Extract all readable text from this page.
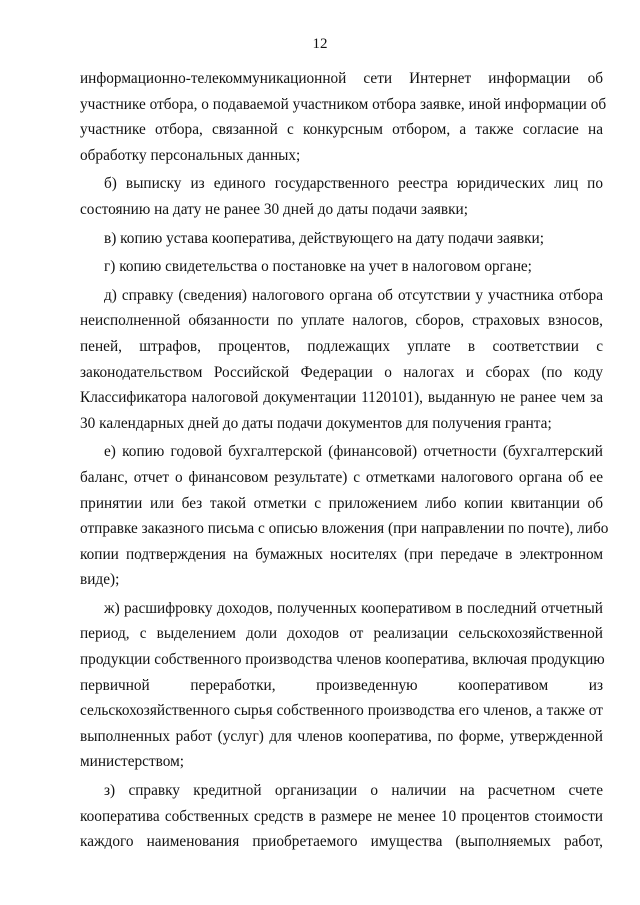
12
информационно-телекоммуникационной сети Интернет информации об
участнике отбора, о подаваемой участником отбора заявке, иной информации об
участнике отбора, связанной с конкурсным отбором, а также согласие на
обработку персональных данных;
б) выписку из единого государственного реестра юридических лиц по
состоянию на дату не ранее 30 дней до даты подачи заявки;
в) копию устава кооператива, действующего на дату подачи заявки;
г) копию свидетельства о постановке на учет в налоговом органе;
д) справку (сведения) налогового органа об отсутствии у участника отбора
неисполненной обязанности по уплате налогов, сборов, страховых взносов,
пеней, штрафов, процентов, подлежащих уплате в соответствии с
законодательством Российской Федерации о налогах и сборах (по коду
Классификатора налоговой документации 1120101), выданную не ранее чем за
30 календарных дней до даты подачи документов для получения гранта;
е) копию годовой бухгалтерской (финансовой) отчетности (бухгалтерский
баланс, отчет о финансовом результате) с отметками налогового органа об ее
принятии или без такой отметки с приложением либо копии квитанции об
отправке заказного письма с описью вложения (при направлении по почте), либо
копии подтверждения на бумажных носителях (при передаче в электронном
виде);
ж) расшифровку доходов, полученных кооперативом в последний отчетный
период, с выделением доли доходов от реализации сельскохозяйственной
продукции собственного производства членов кооператива, включая продукцию
первичной переработки, произведенную кооперативом из
сельскохозяйственного сырья собственного производства его членов, а также от
выполненных работ (услуг) для членов кооператива, по форме, утвержденной
министерством;
з) справку кредитной организации о наличии на расчетном счете
кооператива собственных средств в размере не менее 10 процентов стоимости
каждого наименования приобретаемого имущества (выполняемых работ,
